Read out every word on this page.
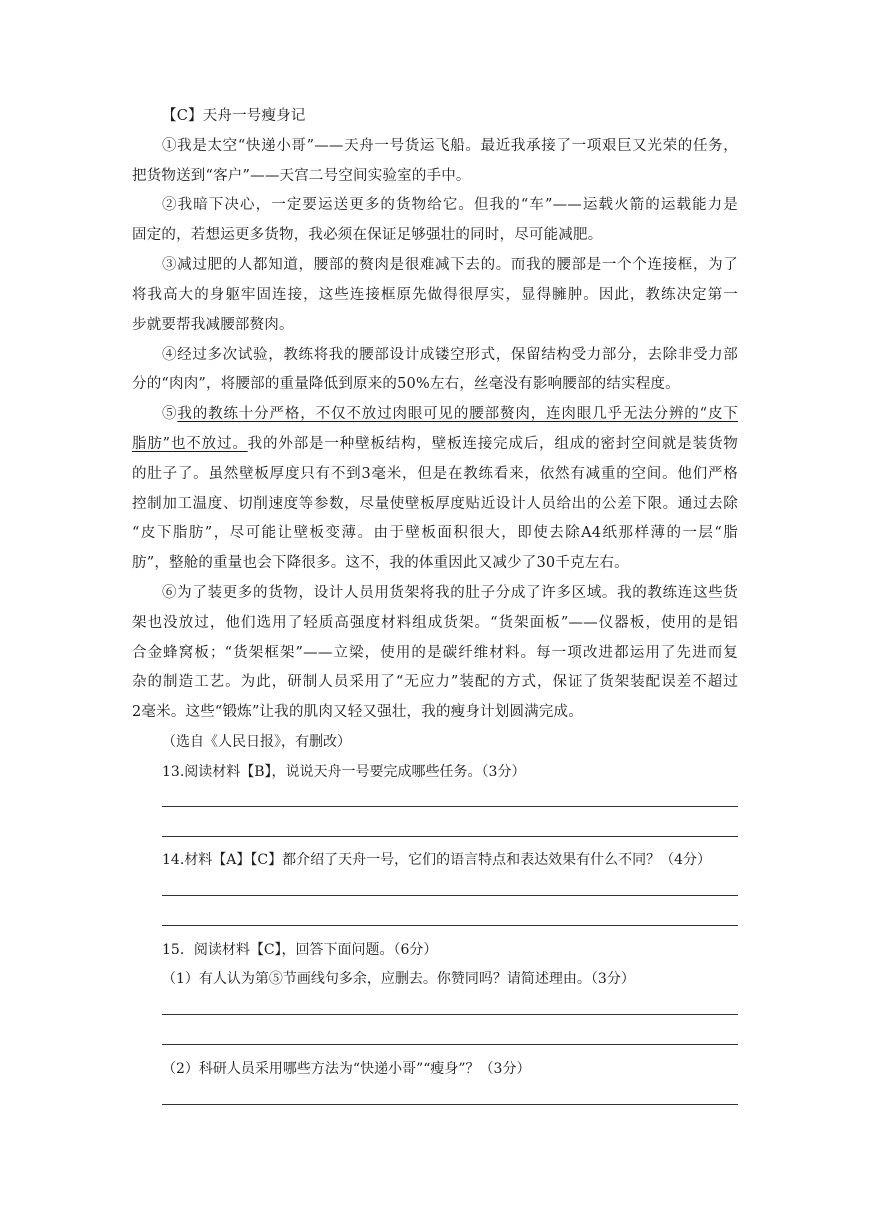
【C】天舟一号瘦身记
①我是太空“快递小哥”——天舟一号货运飞船。最近我承接了一项艰巨又光荣的任务，
把货物送到“客户”——天宫二号空间实验室的手中。
②我暗下决心，一定要运送更多的货物给它。但我的“车”——运载火箭的运载能力是
固定的，若想运更多货物，我必须在保证足够强壮的同时，尽可能减肥。
③减过肥的人都知道，腰部的赘肉是很难减下去的。而我的腰部是一个个连接框，为了
将我高大的身躯牢固连接，这些连接框原先做得很厚实，显得臃肿。因此，教练决定第一
步就要帮我减腰部赘肉。
④经过多次试验，教练将我的腰部设计成镂空形式，保留结构受力部分，去除非受力部
分的“肉肉”，将腰部的重量降低到原来的50%左右，丝毫没有影响腰部的结实程度。
⑤我的教练十分严格，不仅不放过肉眼可见的腰部赘肉，连肉眼几乎无法分辨的“皮下
脂肪”也不放过。我的外部是一种壁板结构，壁板连接完成后，组成的密封空间就是装货物
的肚子了。虽然壁板厚度只有不到3毫米，但是在教练看来，依然有减重的空间。他们严格
控制加工温度、切削速度等参数，尽量使壁板厚度贴近设计人员给出的公差下限。通过去除
“皮下脂肪”，尽可能让壁板变薄。由于壁板面积很大，即使去除A4纸那样薄的一层“脂
肪”，整舱的重量也会下降很多。这不，我的体重因此又减少了30千克左右。
⑥为了装更多的货物，设计人员用货架将我的肚子分成了许多区域。我的教练连这些货
架也没放过，他们选用了轻质高强度材料组成货架。“货架面板”——仪器板，使用的是铝
合金蜂窝板；“货架框架”——立梁，使用的是碳纤维材料。每一项改进都运用了先进而复
杂的制造工艺。为此，研制人员采用了“无应力”装配的方式，保证了货架装配误差不超过
2毫米。这些“锻炼”让我的肌肉又轻又强壮，我的瘦身计划圆满完成。
（选自《人民日报》，有删改）
13.阅读材料【B】，说说天舟一号要完成哪些任务。（3分）
14.材料【A】【C】都介绍了天舟一号，它们的语言特点和表达效果有什么不同？（4分）
15．阅读材料【C】，回答下面问题。（6分）
（1）有人认为第⑤节画线句多余，应删去。你赞同吗？请简述理由。（3分）
（2）科研人员采用哪些方法为“快递小哥”“瘦身”？（3分）
